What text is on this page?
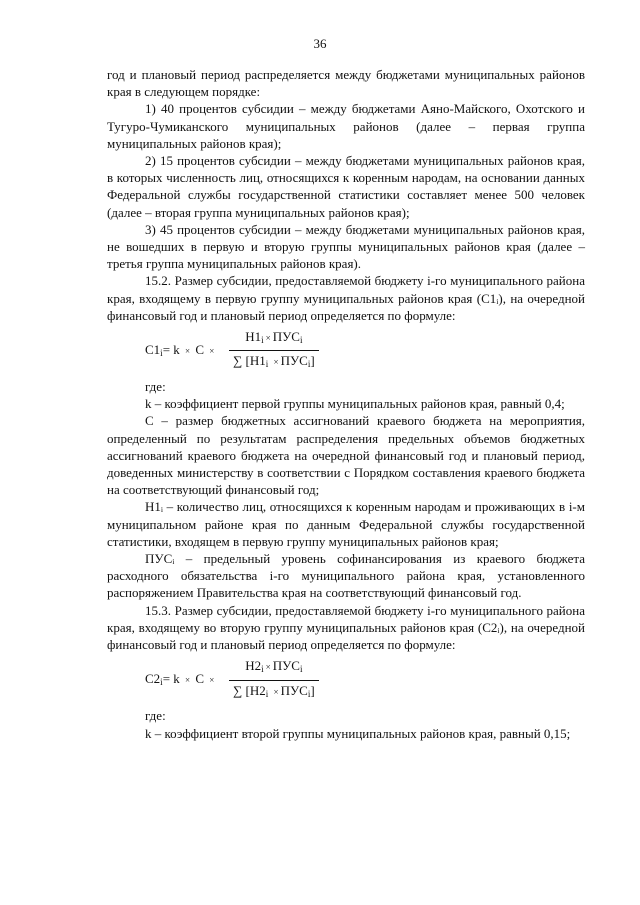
36

год и плановый период распределяется между бюджетами муниципальных районов края в следующем порядке:

1) 40 процентов субсидии – между бюджетами Аяно-Майского, Охотского и Тугуро-Чумиканского муниципальных районов (далее – первая группа муниципальных районов края);

2) 15 процентов субсидии – между бюджетами муниципальных районов края, в которых численность лиц, относящихся к коренным народам, на основании данных Федеральной службы государственной статистики составляет менее 500 человек (далее – вторая группа муниципальных районов края);

3) 45 процентов субсидии – между бюджетами муниципальных районов края, не вошедших в первую и вторую группы муниципальных районов края (далее – третья группа муниципальных районов края).

15.2. Размер субсидии, предоставляемой бюджету i-го муниципального района края, входящему в первую группу муниципальных районов края (C1ᵢ), на очередной финансовый год и плановый период определяется по формуле:

$C1_i= k \times C$ ×
$Н1_i \times ПУС_i$
∑ $[Н1_i \times ПУС_i]$

где:

k – коэффициент первой группы муниципальных районов края, равный 0,4;

C – размер бюджетных ассигнований краевого бюджета на мероприятия, определенный по результатам распределения предельных объемов бюджетных ассигнований краевого бюджета на очередной финансовый год и плановый период, доведенных министерству в соответствии с Порядком составления краевого бюджета на соответствующий финансовый год;

Н1ᵢ – количество лиц, относящихся к коренным народам и проживающих в i-м муниципальном районе края по данным Федеральной службы государственной статистики, входящем в первую группу муниципальных районов края;

ПУСᵢ – предельный уровень софинансирования из краевого бюджета расходного обязательства i-го муниципального района края, установленного распоряжением Правительства края на соответствующий финансовый год.

15.3. Размер субсидии, предоставляемой бюджету i-го муниципального района края, входящему во вторую группу муниципальных районов края (C2ᵢ), на очередной финансовый год и плановый период определяется по формуле:

$C2_i= k \times C$ ×
$Н2_i \times ПУС_i$
∑ $[Н2_i \times ПУС_i]$

где:

k – коэффициент второй группы муниципальных районов края, равный 0,15;
